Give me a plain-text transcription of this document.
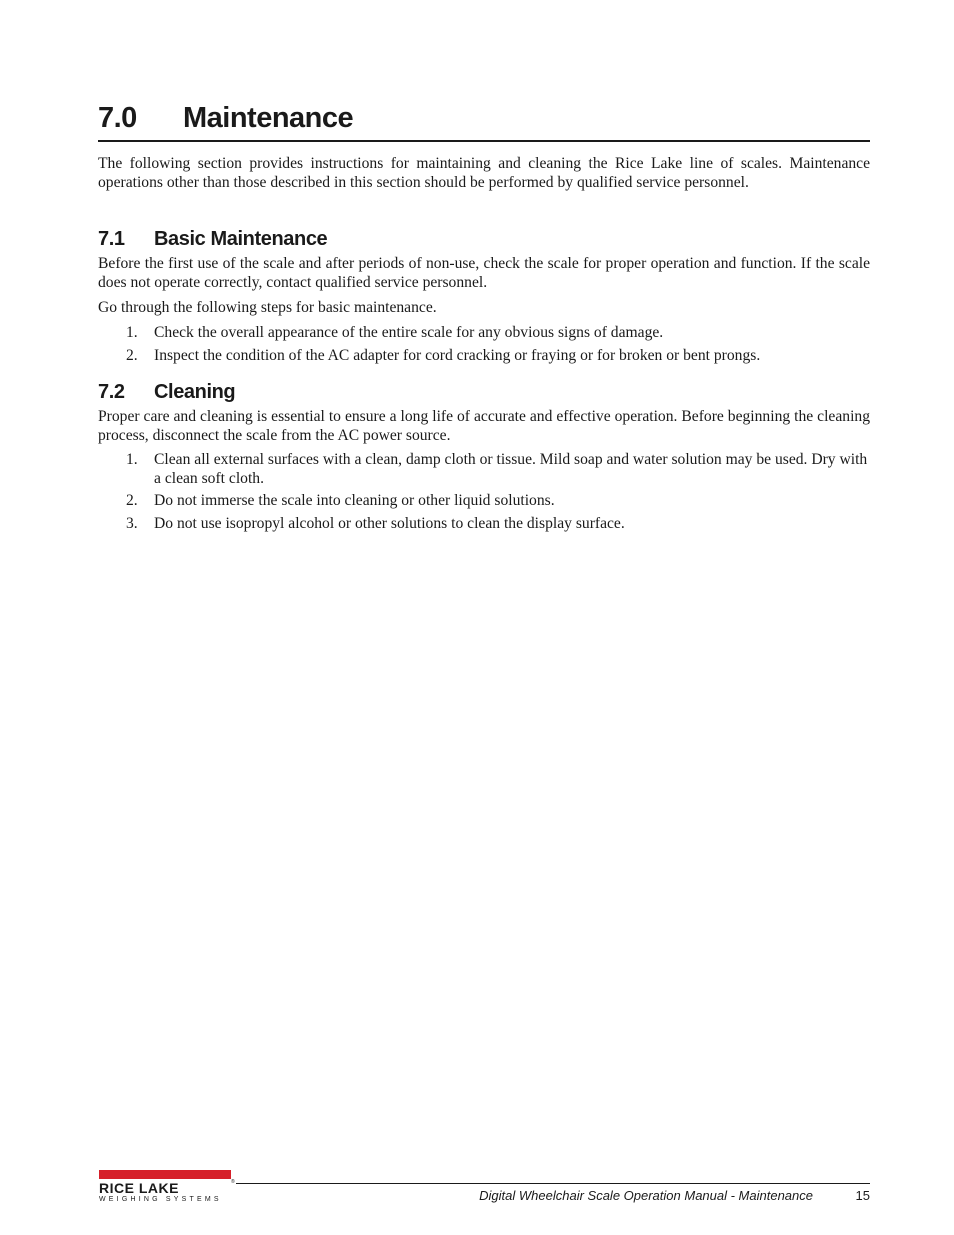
7.0 Maintenance
The following section provides instructions for maintaining and cleaning the Rice Lake line of scales. Maintenance operations other than those described in this section should be performed by qualified service personnel.
7.1 Basic Maintenance
Before the first use of the scale and after periods of non-use, check the scale for proper operation and function. If the scale does not operate correctly, contact qualified service personnel.
Go through the following steps for basic maintenance.
1. Check the overall appearance of the entire scale for any obvious signs of damage.
2. Inspect the condition of the AC adapter for cord cracking or fraying or for broken or bent prongs.
7.2 Cleaning
Proper care and cleaning is essential to ensure a long life of accurate and effective operation. Before beginning the cleaning process, disconnect the scale from the AC power source.
1. Clean all external surfaces with a clean, damp cloth or tissue. Mild soap and water solution may be used. Dry with a clean soft cloth.
2. Do not immerse the scale into cleaning or other liquid solutions.
3. Do not use isopropyl alcohol or other solutions to clean the display surface.
RICE LAKE	®
WEIGHING SYSTEMS	Digital Wheelchair Scale Operation Manual - Maintenance	15
